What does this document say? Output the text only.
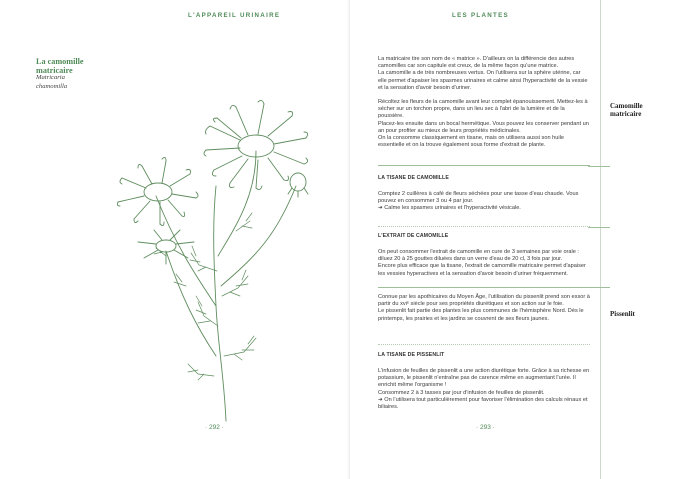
L'APPAREIL URINAIRE
La camomille matricaire
Matricaria
chamomilla
· 292 ·
LES PLANTES
· 293 ·

La matricaire tire son nom de « matrice ». D'ailleurs on la différencie des autres camomilles car son capitule est creux, de la même façon qu'une matrice.

La camomille a de très nombreuses vertus. On l'utilisera sur la sphère utérine, car elle permet d'apaiser les spasmes urinaires et calme ainsi l'hyperactivité de la vessie et la sensation d'avoir besoin d'uriner.

Récoltez les fleurs de la camomille avant leur complet épanouissement. Mettez-les à sécher sur un torchon propre, dans un lieu sec à l'abri de la lumière et de la poussière.

Placez-les ensuite dans un bocal hermétique. Vous pouvez les conserver pendant un an pour profiter au mieux de leurs propriétés médicinales.

On la consomme classiquement en tisane, mais on utilisera aussi son huile essentielle et on la trouve également sous forme d'extrait de plante.

LA TISANE DE CAMOMILLE

Comptez 2 cuillères à café de fleurs séchées pour une tasse d'eau chaude. Vous pouvez en consommer 3 ou 4 par jour.

➜ Calme les spasmes urinaires et l'hyperactivité vésicale.

L'EXTRAIT DE CAMOMILLE

On peut consommer l'extrait de camomille en cure de 3 semaines par voie orale : diluez 20 à 25 gouttes diluées dans un verre d'eau de 20 cl, 3 fois par jour.

Encore plus efficace que la tisane, l'extrait de camomille matricaire permet d'apaiser les vessies hyperactives et la sensation d'avoir besoin d'uriner fréquemment.

Connue par les apothicaires du Moyen Âge, l'utilisation du pissenlit prend son essor à partir du xviᵉ siècle pour ses propriétés diurétiques et son action sur le foie.

Le pissenlit fait partie des plantes les plus communes de l'hémisphère Nord. Dès le printemps, les prairies et les jardins se couvrent de ses fleurs jaunes.

LA TISANE DE PISSENLIT

L'infusion de feuilles de pissenlit a une action diurétique forte. Grâce à sa richesse en potassium, le pissenlit n'entraîne pas de carence même en augmentant l'urée. Il enrichit même l'organisme !

Consommez 2 à 3 tasses par jour d'infusion de feuilles de pissenlit.

➜ On l'utilisera tout particulièrement pour favoriser l'élimination des calculs rénaux et biliaires.

Camomille
matricaire
Pissenlit
